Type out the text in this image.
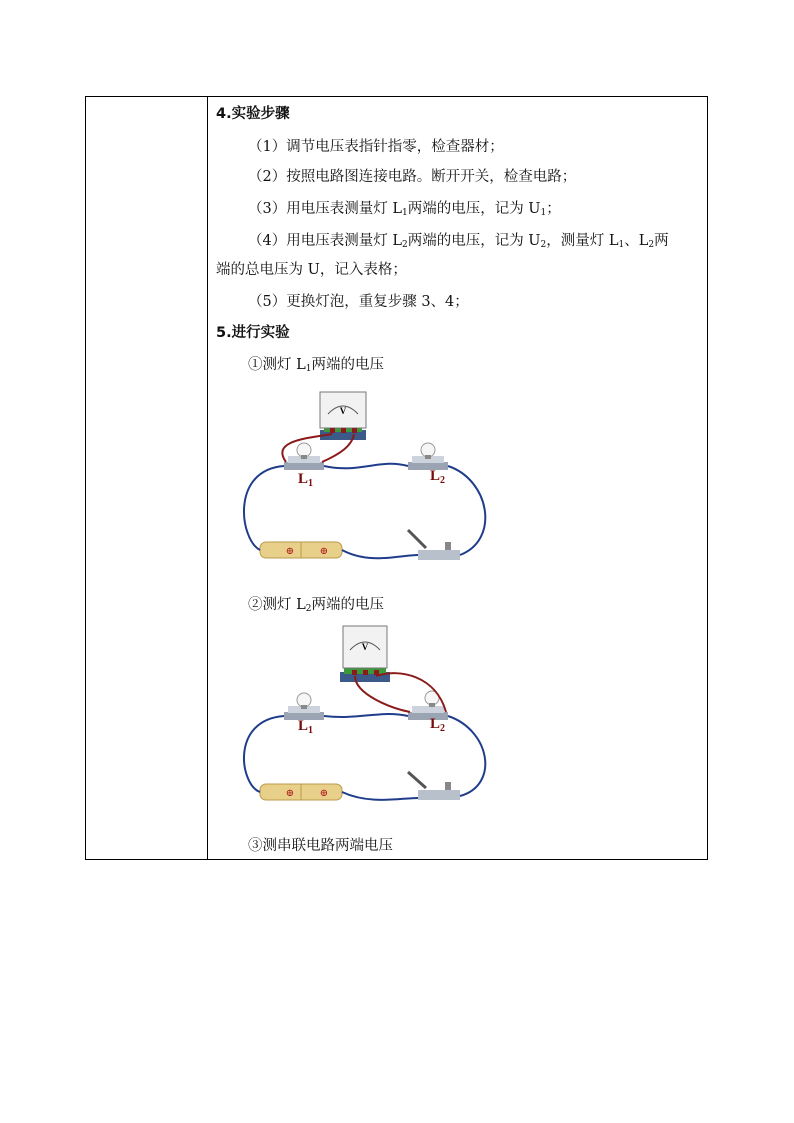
4.实验步骤
（1）调节电压表指针指零，检查器材；
（2）按照电路图连接电路。断开开关，检查电路；
（3）用电压表测量灯 $L_1$两端的电压，记为 $U_1$；
（4）用电压表测量灯 $L_2$两端的电压，记为 $U_2$，测量灯 $L_1$、$L_2$两
端的总电压为 U，记入表格；
（5）更换灯泡，重复步骤 3、4；
5.进行实验
①测灯 $L_1$两端的电压
②测灯 $L_2$两端的电压
③测串联电路两端电压
V
L 1	L 2
⊕	⊕
V
L 1	L 2
⊕	⊕
